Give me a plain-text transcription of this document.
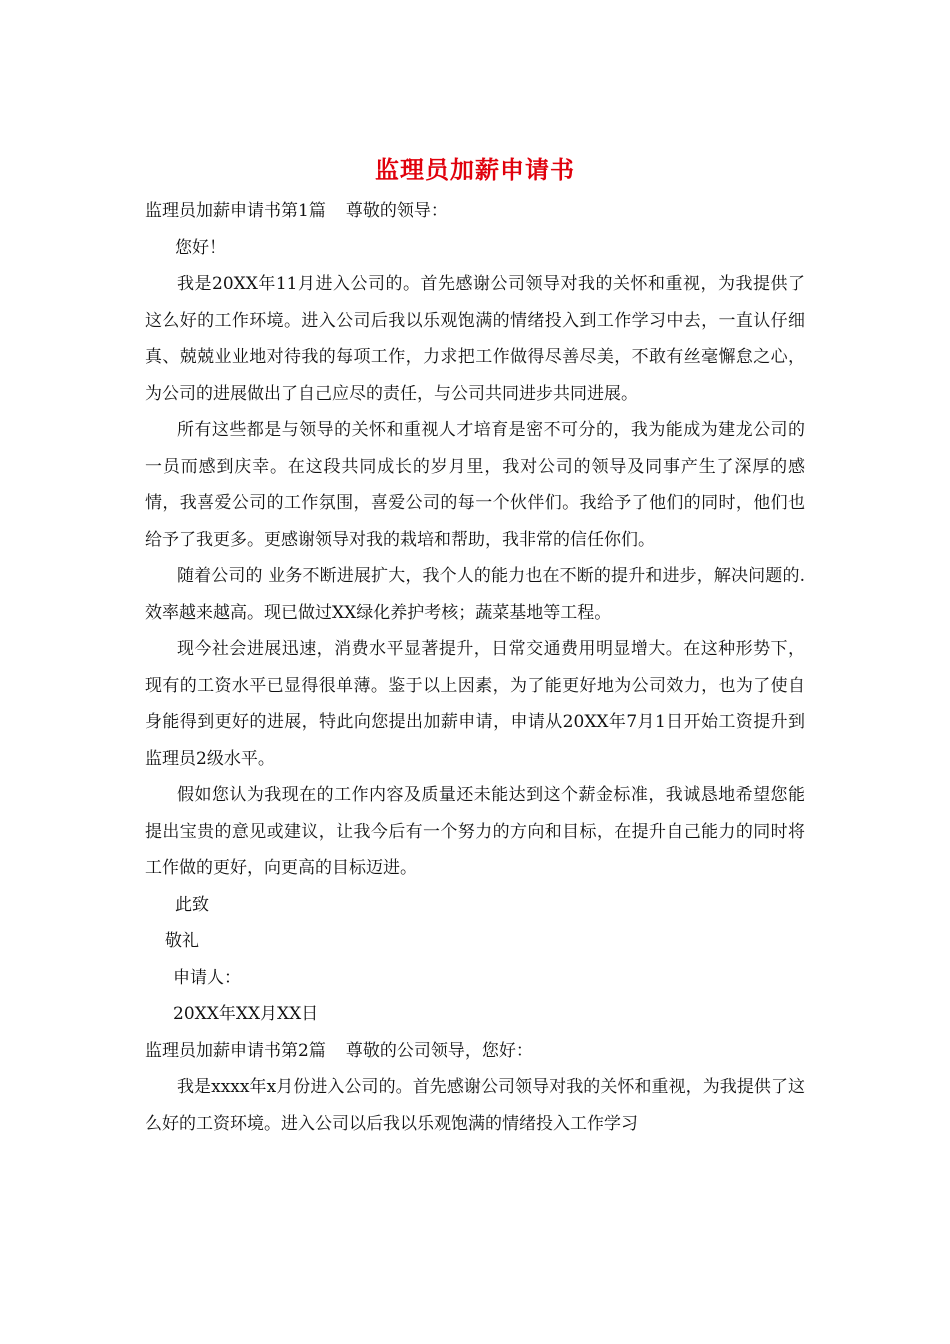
监理员加薪申请书

监理员加薪申请书第1篇 尊敬的领导：

您好！

我是20XX年11月进入公司的。首先感谢公司领导对我的关怀和重视，为我提供了这么好的工作环境。进入公司后我以乐观饱满的情绪投入到工作学习中去，一直认仔细真、兢兢业业地对待我的每项工作，力求把工作做得尽善尽美，不敢有丝毫懈怠之心，为公司的进展做出了自己应尽的责任，与公司共同进步共同进展。

所有这些都是与领导的关怀和重视人才培育是密不可分的，我为能成为建龙公司的一员而感到庆幸。在这段共同成长的岁月里，我对公司的领导及同事产生了深厚的感情，我喜爱公司的工作氛围，喜爱公司的每一个伙伴们。我给予了他们的同时，他们也给予了我更多。更感谢领导对我的栽培和帮助，我非常的信任你们。

随着公司的 业务不断进展扩大，我个人的能力也在不断的提升和进步，解决问题的.效率越来越高。现已做过XX绿化养护考核；蔬菜基地等工程。

现今社会进展迅速，消费水平显著提升，日常交通费用明显增大。在这种形势下，现有的工资水平已显得很单薄。鉴于以上因素，为了能更好地为公司效力，也为了使自身能得到更好的进展，特此向您提出加薪申请，申请从20XX年7月1日开始工资提升到监理员2级水平。

假如您认为我现在的工作内容及质量还未能达到这个薪金标准，我诚恳地希望您能提出宝贵的意见或建议，让我今后有一个努力的方向和目标，在提升自己能力的同时将工作做的更好，向更高的目标迈进。

此致

敬礼

申请人：

20XX年XX月XX日

监理员加薪申请书第2篇 尊敬的公司领导，您好：

我是xxxx年x月份进入公司的。首先感谢公司领导对我的关怀和重视，为我提供了这么好的工资环境。进入公司以后我以乐观饱满的情绪投入工作学习
